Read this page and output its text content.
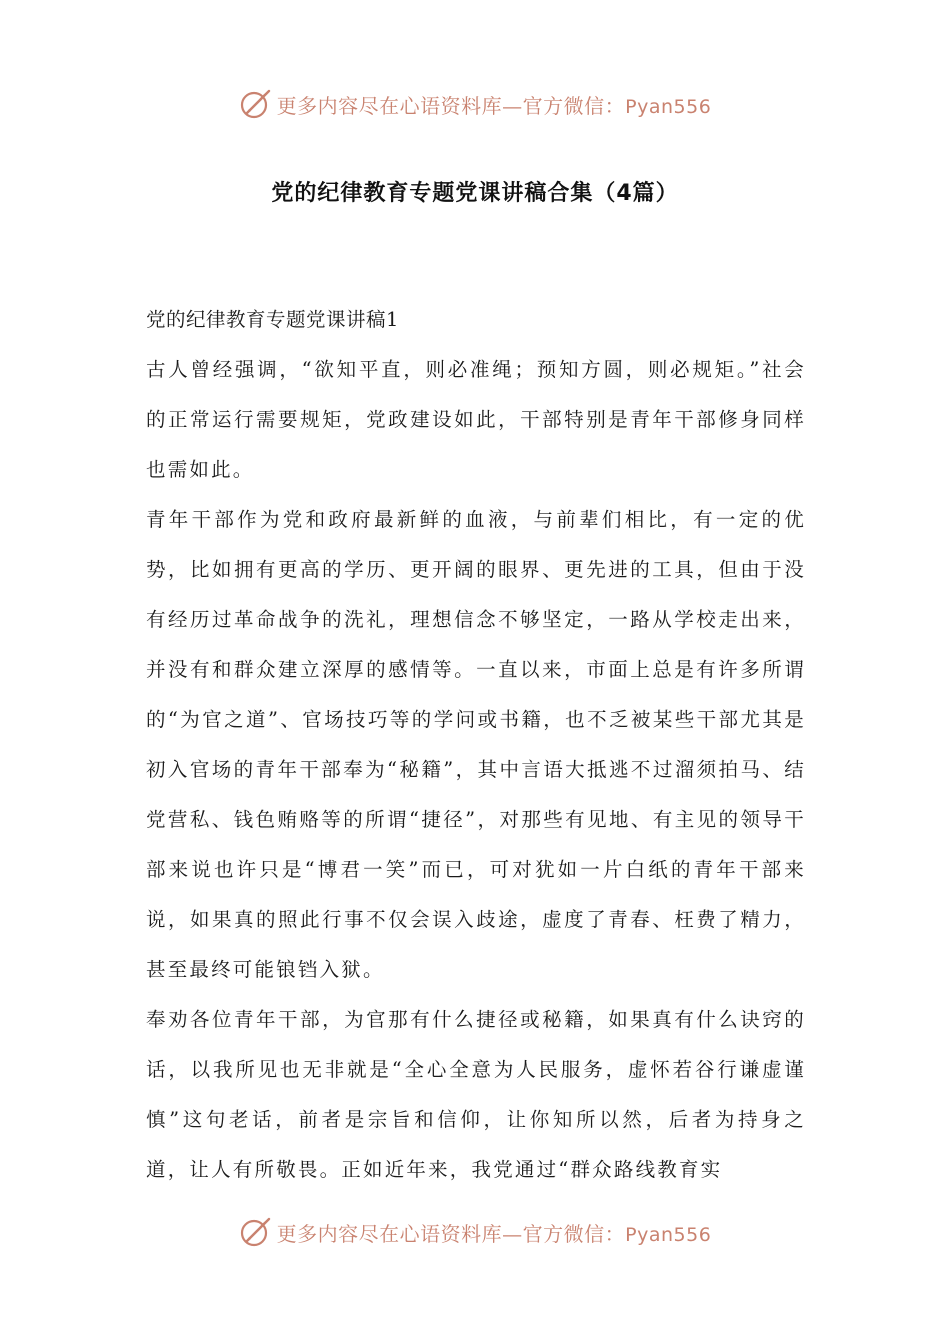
更多内容尽在心语资料库—官方微信：Pyan556
党的纪律教育专题党课讲稿合集（4篇）

党的纪律教育专题党课讲稿1

古人曾经强调，“欲知平直，则必准绳；预知方圆，则必规矩。”社会的正常运行需要规矩，党政建设如此，干部特别是青年干部修身同样也需如此。

青年干部作为党和政府最新鲜的血液，与前辈们相比，有一定的优势，比如拥有更高的学历、更开阔的眼界、更先进的工具，但由于没有经历过革命战争的洗礼，理想信念不够坚定，一路从学校走出来，并没有和群众建立深厚的感情等。一直以来，市面上总是有许多所谓的“为官之道”、官场技巧等的学问或书籍，也不乏被某些干部尤其是初入官场的青年干部奉为“秘籍”，其中言语大抵逃不过溜须拍马、结党营私、钱色贿赂等的所谓“捷径”，对那些有见地、有主见的领导干部来说也许只是“博君一笑”而已，可对犹如一片白纸的青年干部来说，如果真的照此行事不仅会误入歧途，虚度了青春、枉费了精力，甚至最终可能锒铛入狱。

奉劝各位青年干部，为官那有什么捷径或秘籍，如果真有什么诀窍的话，以我所见也无非就是“全心全意为人民服务，虚怀若谷行谦虚谨慎”这句老话，前者是宗旨和信仰，让你知所以然，后者为持身之道，让人有所敬畏。正如近年来，我党通过“群众路线教育实

更多内容尽在心语资料库—官方微信：Pyan556
